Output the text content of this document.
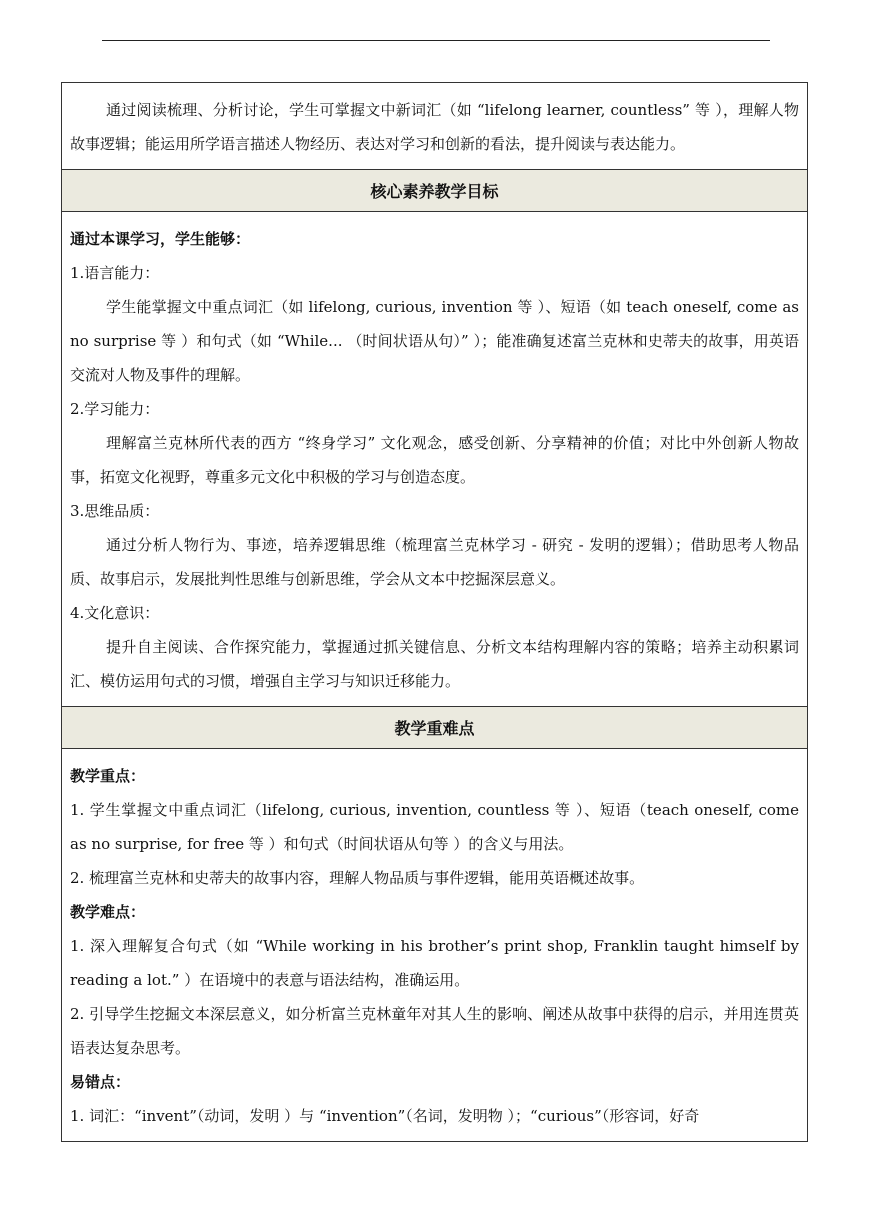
通过阅读梳理、分析讨论，学生可掌握文中新词汇（如 “lifelong learner, countless” 等 ），理解人物故事逻辑；能运用所学语言描述人物经历、表达对学习和创新的看法，提升阅读与表达能力。

核心素养教学目标

通过本课学习，学生能够：

1.语言能力：

学生能掌握文中重点词汇（如 lifelong, curious, invention 等 ）、短语（如 teach oneself, come as no surprise 等 ）和句式（如 “While... （时间状语从句）” ）；能准确复述富兰克林和史蒂夫的故事，用英语交流对人物及事件的理解。

2.学习能力：

理解富兰克林所代表的西方 “终身学习” 文化观念，感受创新、分享精神的价值；对比中外创新人物故事，拓宽文化视野，尊重多元文化中积极的学习与创造态度。

3.思维品质：

通过分析人物行为、事迹，培养逻辑思维（梳理富兰克林学习 - 研究 - 发明的逻辑）；借助思考人物品质、故事启示，发展批判性思维与创新思维，学会从文本中挖掘深层意义。

4.文化意识：

提升自主阅读、合作探究能力，掌握通过抓关键信息、分析文本结构理解内容的策略；培养主动积累词汇、模仿运用句式的习惯，增强自主学习与知识迁移能力。

教学重难点

教学重点：

1. 学生掌握文中重点词汇（lifelong, curious, invention, countless 等 ）、短语（teach oneself, come as no surprise, for free 等 ）和句式（时间状语从句等 ）的含义与用法。

2. 梳理富兰克林和史蒂夫的故事内容，理解人物品质与事件逻辑，能用英语概述故事。

教学难点：

1. 深入理解复合句式（如 “While working in his brother’s print shop, Franklin taught himself by reading a lot.” ）在语境中的表意与语法结构，准确运用。

2. 引导学生挖掘文本深层意义，如分析富兰克林童年对其人生的影响、阐述从故事中获得的启示，并用连贯英语表达复杂思考。

易错点：

1. 词汇：“invent”（动词，发明 ）与 “invention”（名词，发明物 ）；“curious”（形容词，好奇
